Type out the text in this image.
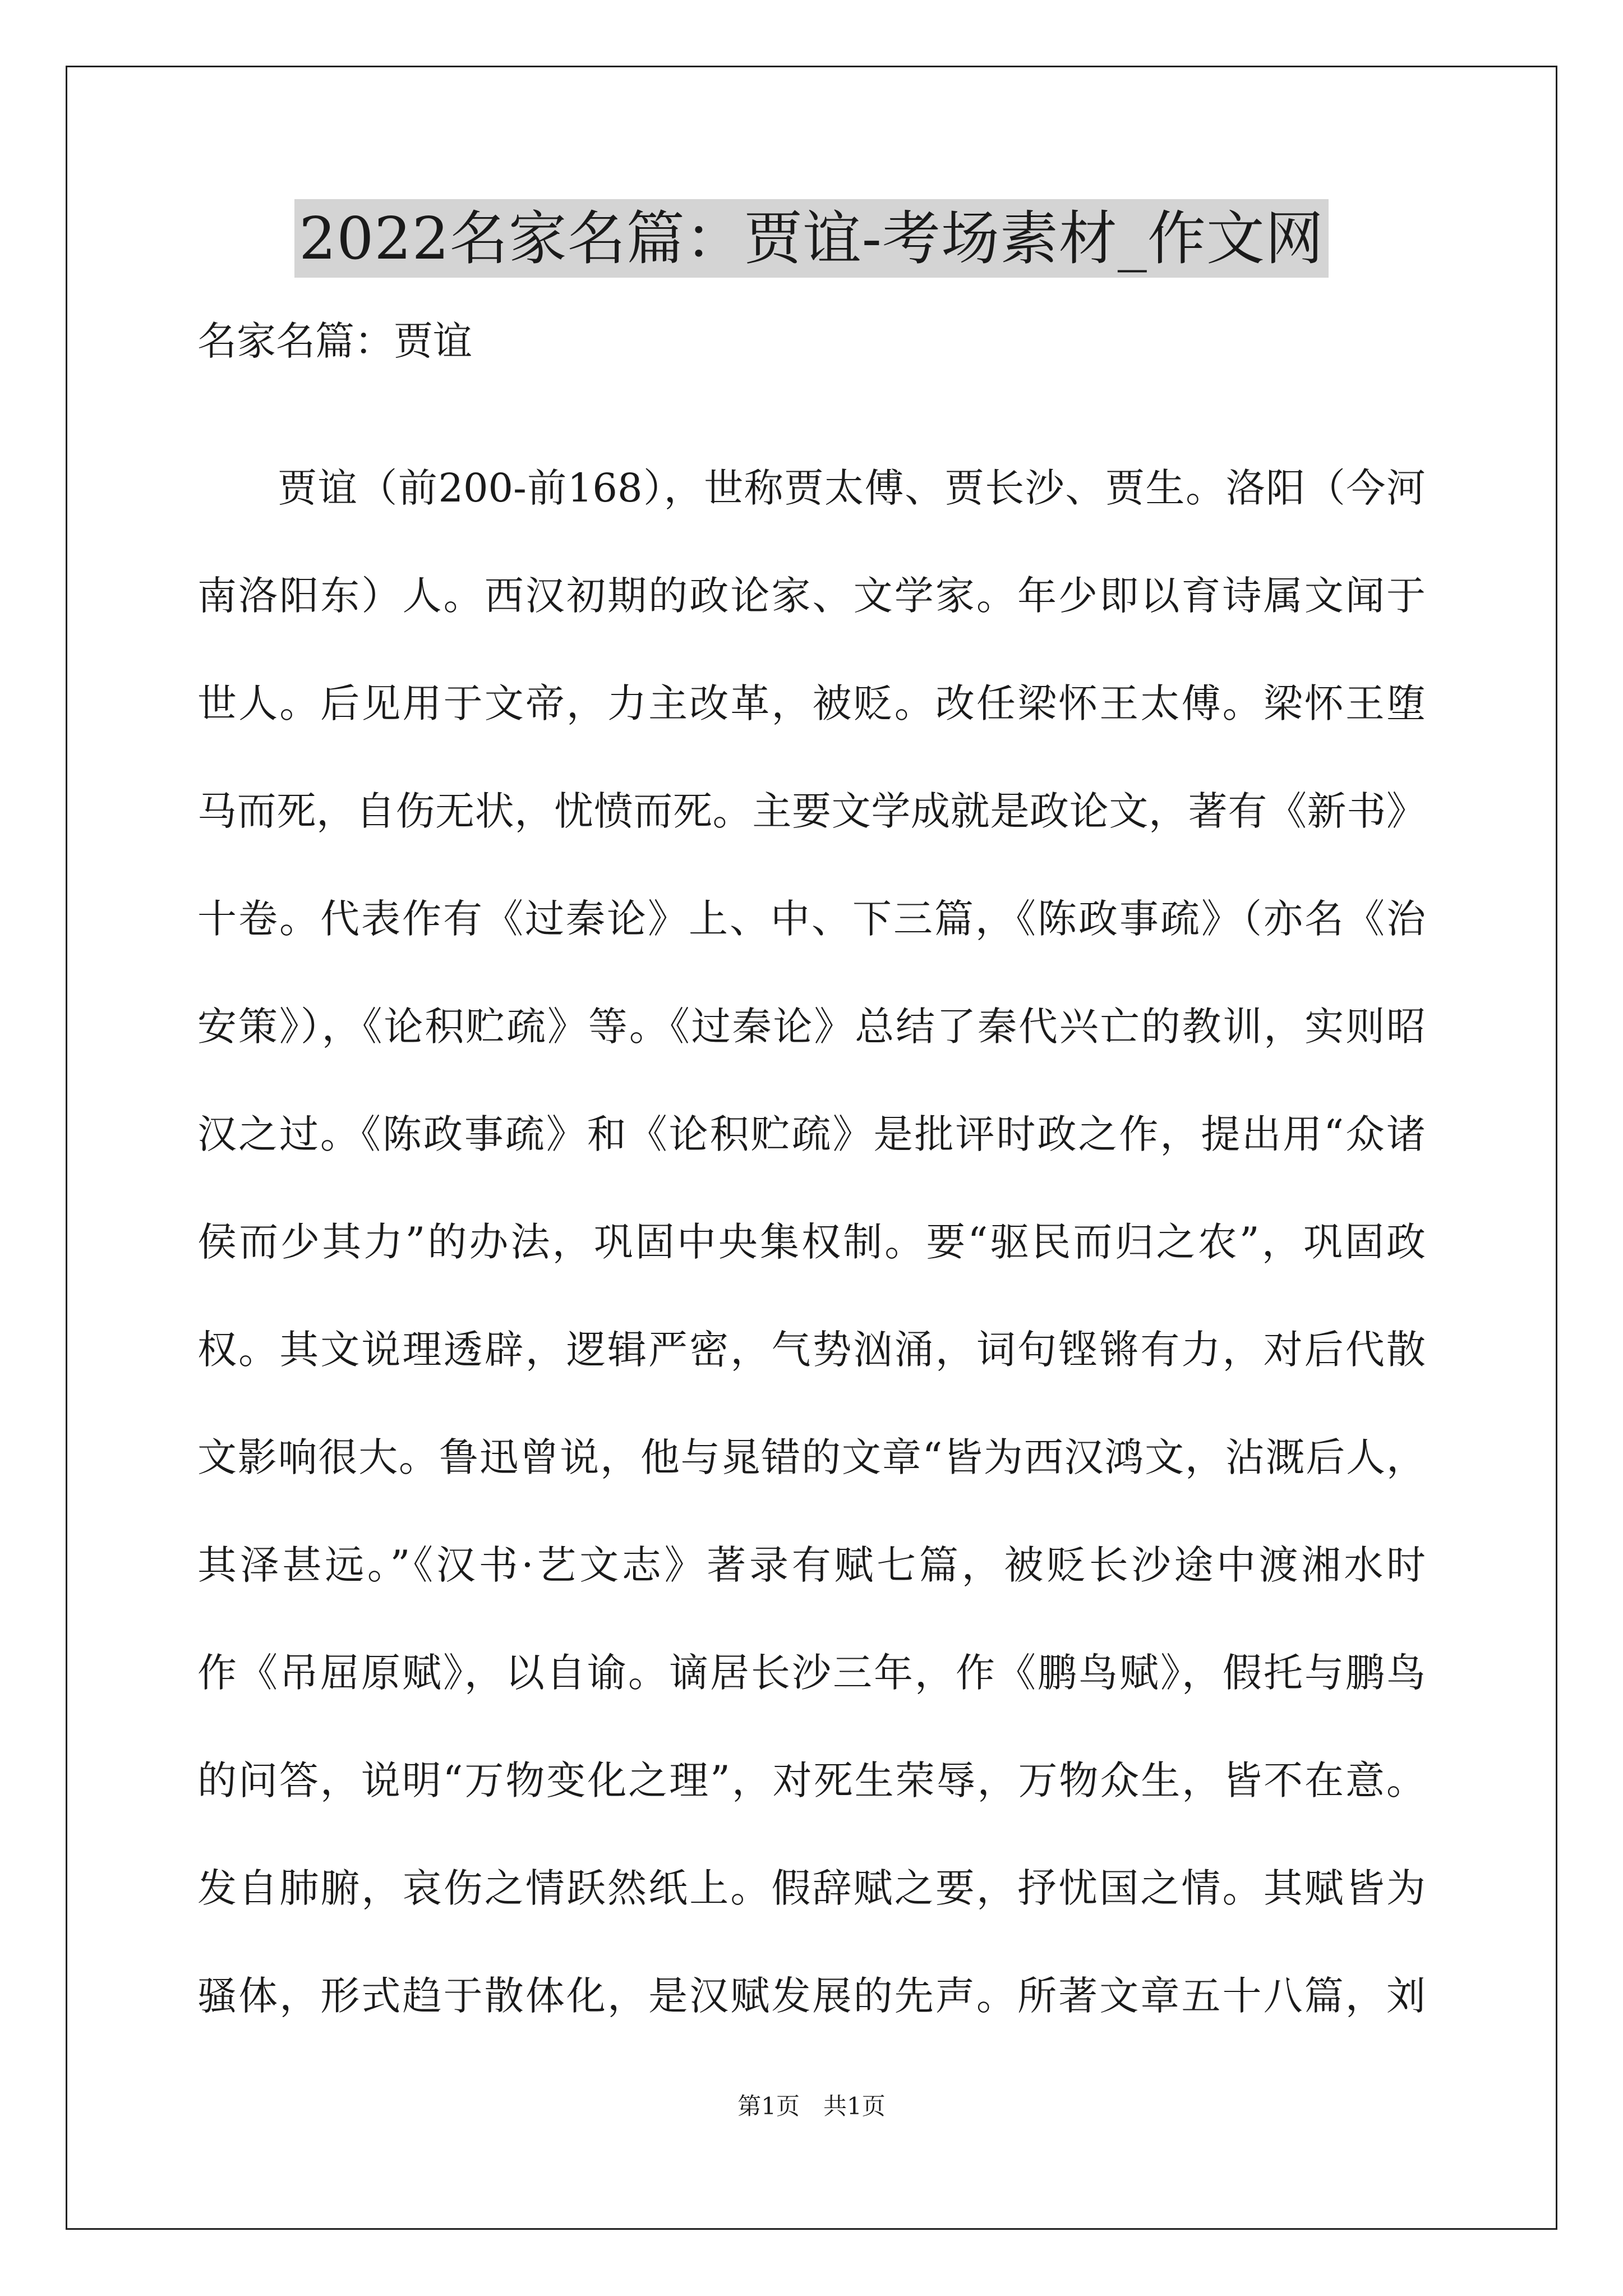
2022名家名篇：贾谊-考场素材_作文网
名家名篇：贾谊
　　贾谊（前200-前168），世称贾太傅、贾长沙、贾生。洛阳（今河
南洛阳东）人。西汉初期的政论家、文学家。年少即以育诗属文闻于
世人。后见用于文帝，力主改革，被贬。改任梁怀王太傅。梁怀王堕
马而死，自伤无状，忧愤而死。主要文学成就是政论文，著有《新书》
十卷。代表作有《过秦论》上、中、下三篇，《陈政事疏》（亦名《治
安策》），《论积贮疏》等。《过秦论》总结了秦代兴亡的教训，实则昭
汉之过。《陈政事疏》和《论积贮疏》是批评时政之作，提出用“众诸
侯而少其力”的办法，巩固中央集权制。要“驱民而归之农”，巩固政
权。其文说理透辟，逻辑严密，气势汹涌，词句铿锵有力，对后代散
文影响很大。鲁迅曾说，他与晁错的文章“皆为西汉鸿文，沾溉后人，
其泽甚远。”《汉书·艺文志》著录有赋七篇，被贬长沙途中渡湘水时
作《吊屈原赋》，以自谕。谪居长沙三年，作《鹏鸟赋》，假托与鹏鸟
的问答，说明“万物变化之理”，对死生荣辱，万物众生，皆不在意。
发自肺腑，哀伤之情跃然纸上。假辞赋之要，抒忧国之情。其赋皆为
骚体，形式趋于散体化，是汉赋发展的先声。所著文章五十八篇，刘
第1页　共1页
